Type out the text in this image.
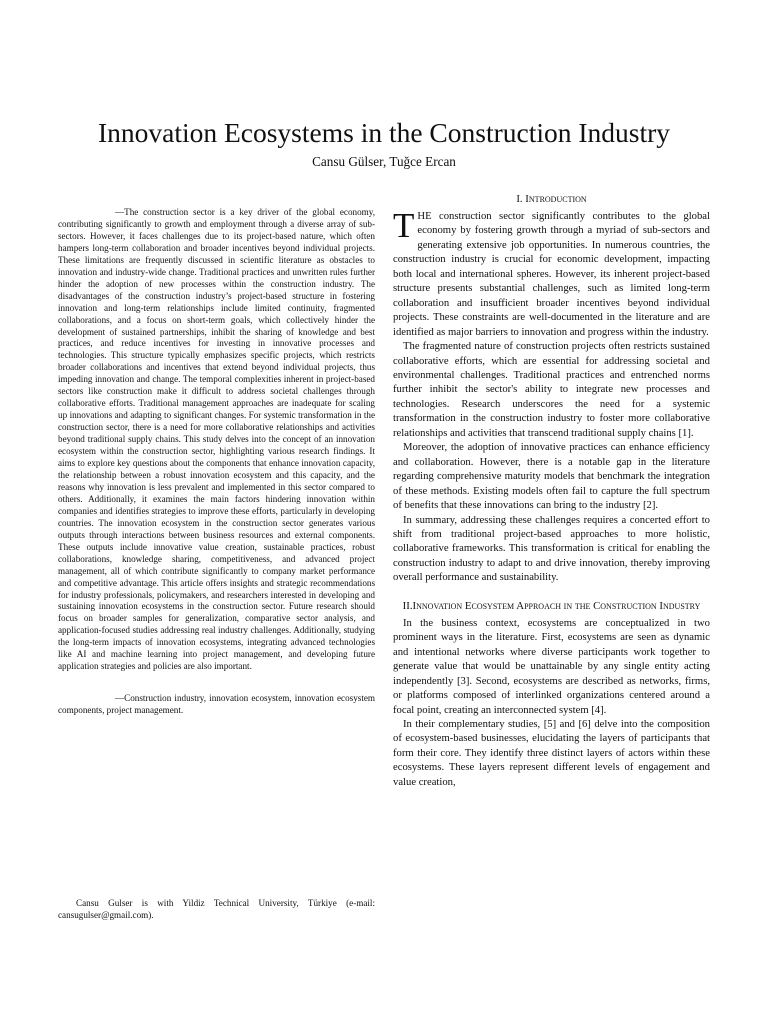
Innovation Ecosystems in the Construction Industry
Cansu Gülser, Tuğce Ercan

—The construction sector is a key driver of the global economy, contributing significantly to growth and employment through a diverse array of sub-sectors. However, it faces challenges due to its project-based nature, which often hampers long-term collaboration and broader incentives beyond individual projects. These limitations are frequently discussed in scientific literature as obstacles to innovation and industry-wide change. Traditional practices and unwritten rules further hinder the adoption of new processes within the construction industry. The disadvantages of the construction industry’s project-based structure in fostering innovation and long-term relationships include limited continuity, fragmented collaborations, and a focus on short-term goals, which collectively hinder the development of sustained partnerships, inhibit the sharing of knowledge and best practices, and reduce incentives for investing in innovative processes and technologies. This structure typically emphasizes specific projects, which restricts broader collaborations and incentives that extend beyond individual projects, thus impeding innovation and change. The temporal complexities inherent in project-based sectors like construction make it difficult to address societal challenges through collaborative efforts. Traditional management approaches are inadequate for scaling up innovations and adapting to significant changes. For systemic transformation in the construction sector, there is a need for more collaborative relationships and activities beyond traditional supply chains. This study delves into the concept of an innovation ecosystem within the construction sector, highlighting various research findings. It aims to explore key questions about the components that enhance innovation capacity, the relationship between a robust innovation ecosystem and this capacity, and the reasons why innovation is less prevalent and implemented in this sector compared to others. Additionally, it examines the main factors hindering innovation within companies and identifies strategies to improve these efforts, particularly in developing countries. The innovation ecosystem in the construction sector generates various outputs through interactions between business resources and external components. These outputs include innovative value creation, sustainable practices, robust collaborations, knowledge sharing, competitiveness, and advanced project management, all of which contribute significantly to company market performance and competitive advantage. This article offers insights and strategic recommendations for industry professionals, policymakers, and researchers interested in developing and sustaining innovation ecosystems in the construction sector. Future research should focus on broader samples for generalization, comparative sector analysis, and application-focused studies addressing real industry challenges. Additionally, studying the long-term impacts of innovation ecosystems, integrating advanced technologies like AI and machine learning into project management, and developing future application strategies and policies are also important.

—Construction industry, innovation ecosystem, innovation ecosystem components, project management.

Cansu Gulser is with Yildiz Technical University, Türkiye (e-mail: cansugulser@gmail.com).

I. Introduction

THE construction sector significantly contributes to the global economy by fostering growth through a myriad of sub-sectors and generating extensive job opportunities. In numerous countries, the construction industry is crucial for economic development, impacting both local and international spheres. However, its inherent project-based structure presents substantial challenges, such as limited long-term collaboration and insufficient broader incentives beyond individual projects. These constraints are well-documented in the literature and are identified as major barriers to innovation and progress within the industry.

The fragmented nature of construction projects often restricts sustained collaborative efforts, which are essential for addressing societal and environmental challenges. Traditional practices and entrenched norms further inhibit the sector's ability to integrate new processes and technologies. Research underscores the need for a systemic transformation in the construction industry to foster more collaborative relationships and activities that transcend traditional supply chains [1].

Moreover, the adoption of innovative practices can enhance efficiency and collaboration. However, there is a notable gap in the literature regarding comprehensive maturity models that benchmark the integration of these methods. Existing models often fail to capture the full spectrum of benefits that these innovations can bring to the industry [2].

In summary, addressing these challenges requires a concerted effort to shift from traditional project-based approaches to more holistic, collaborative frameworks. This transformation is critical for enabling the construction industry to adapt to and drive innovation, thereby improving overall performance and sustainability.

II.Innovation Ecosystem Approach in the Construction Industry

In the business context, ecosystems are conceptualized in two prominent ways in the literature. First, ecosystems are seen as dynamic and intentional networks where diverse participants work together to generate value that would be unattainable by any single entity acting independently [3]. Second, ecosystems are described as networks, firms, or platforms composed of interlinked organizations centered around a focal point, creating an interconnected system [4].

In their complementary studies, [5] and [6] delve into the composition of ecosystem-based businesses, elucidating the layers of participants that form their core. They identify three distinct layers of actors within these ecosystems. These layers represent different levels of engagement and value creation,
